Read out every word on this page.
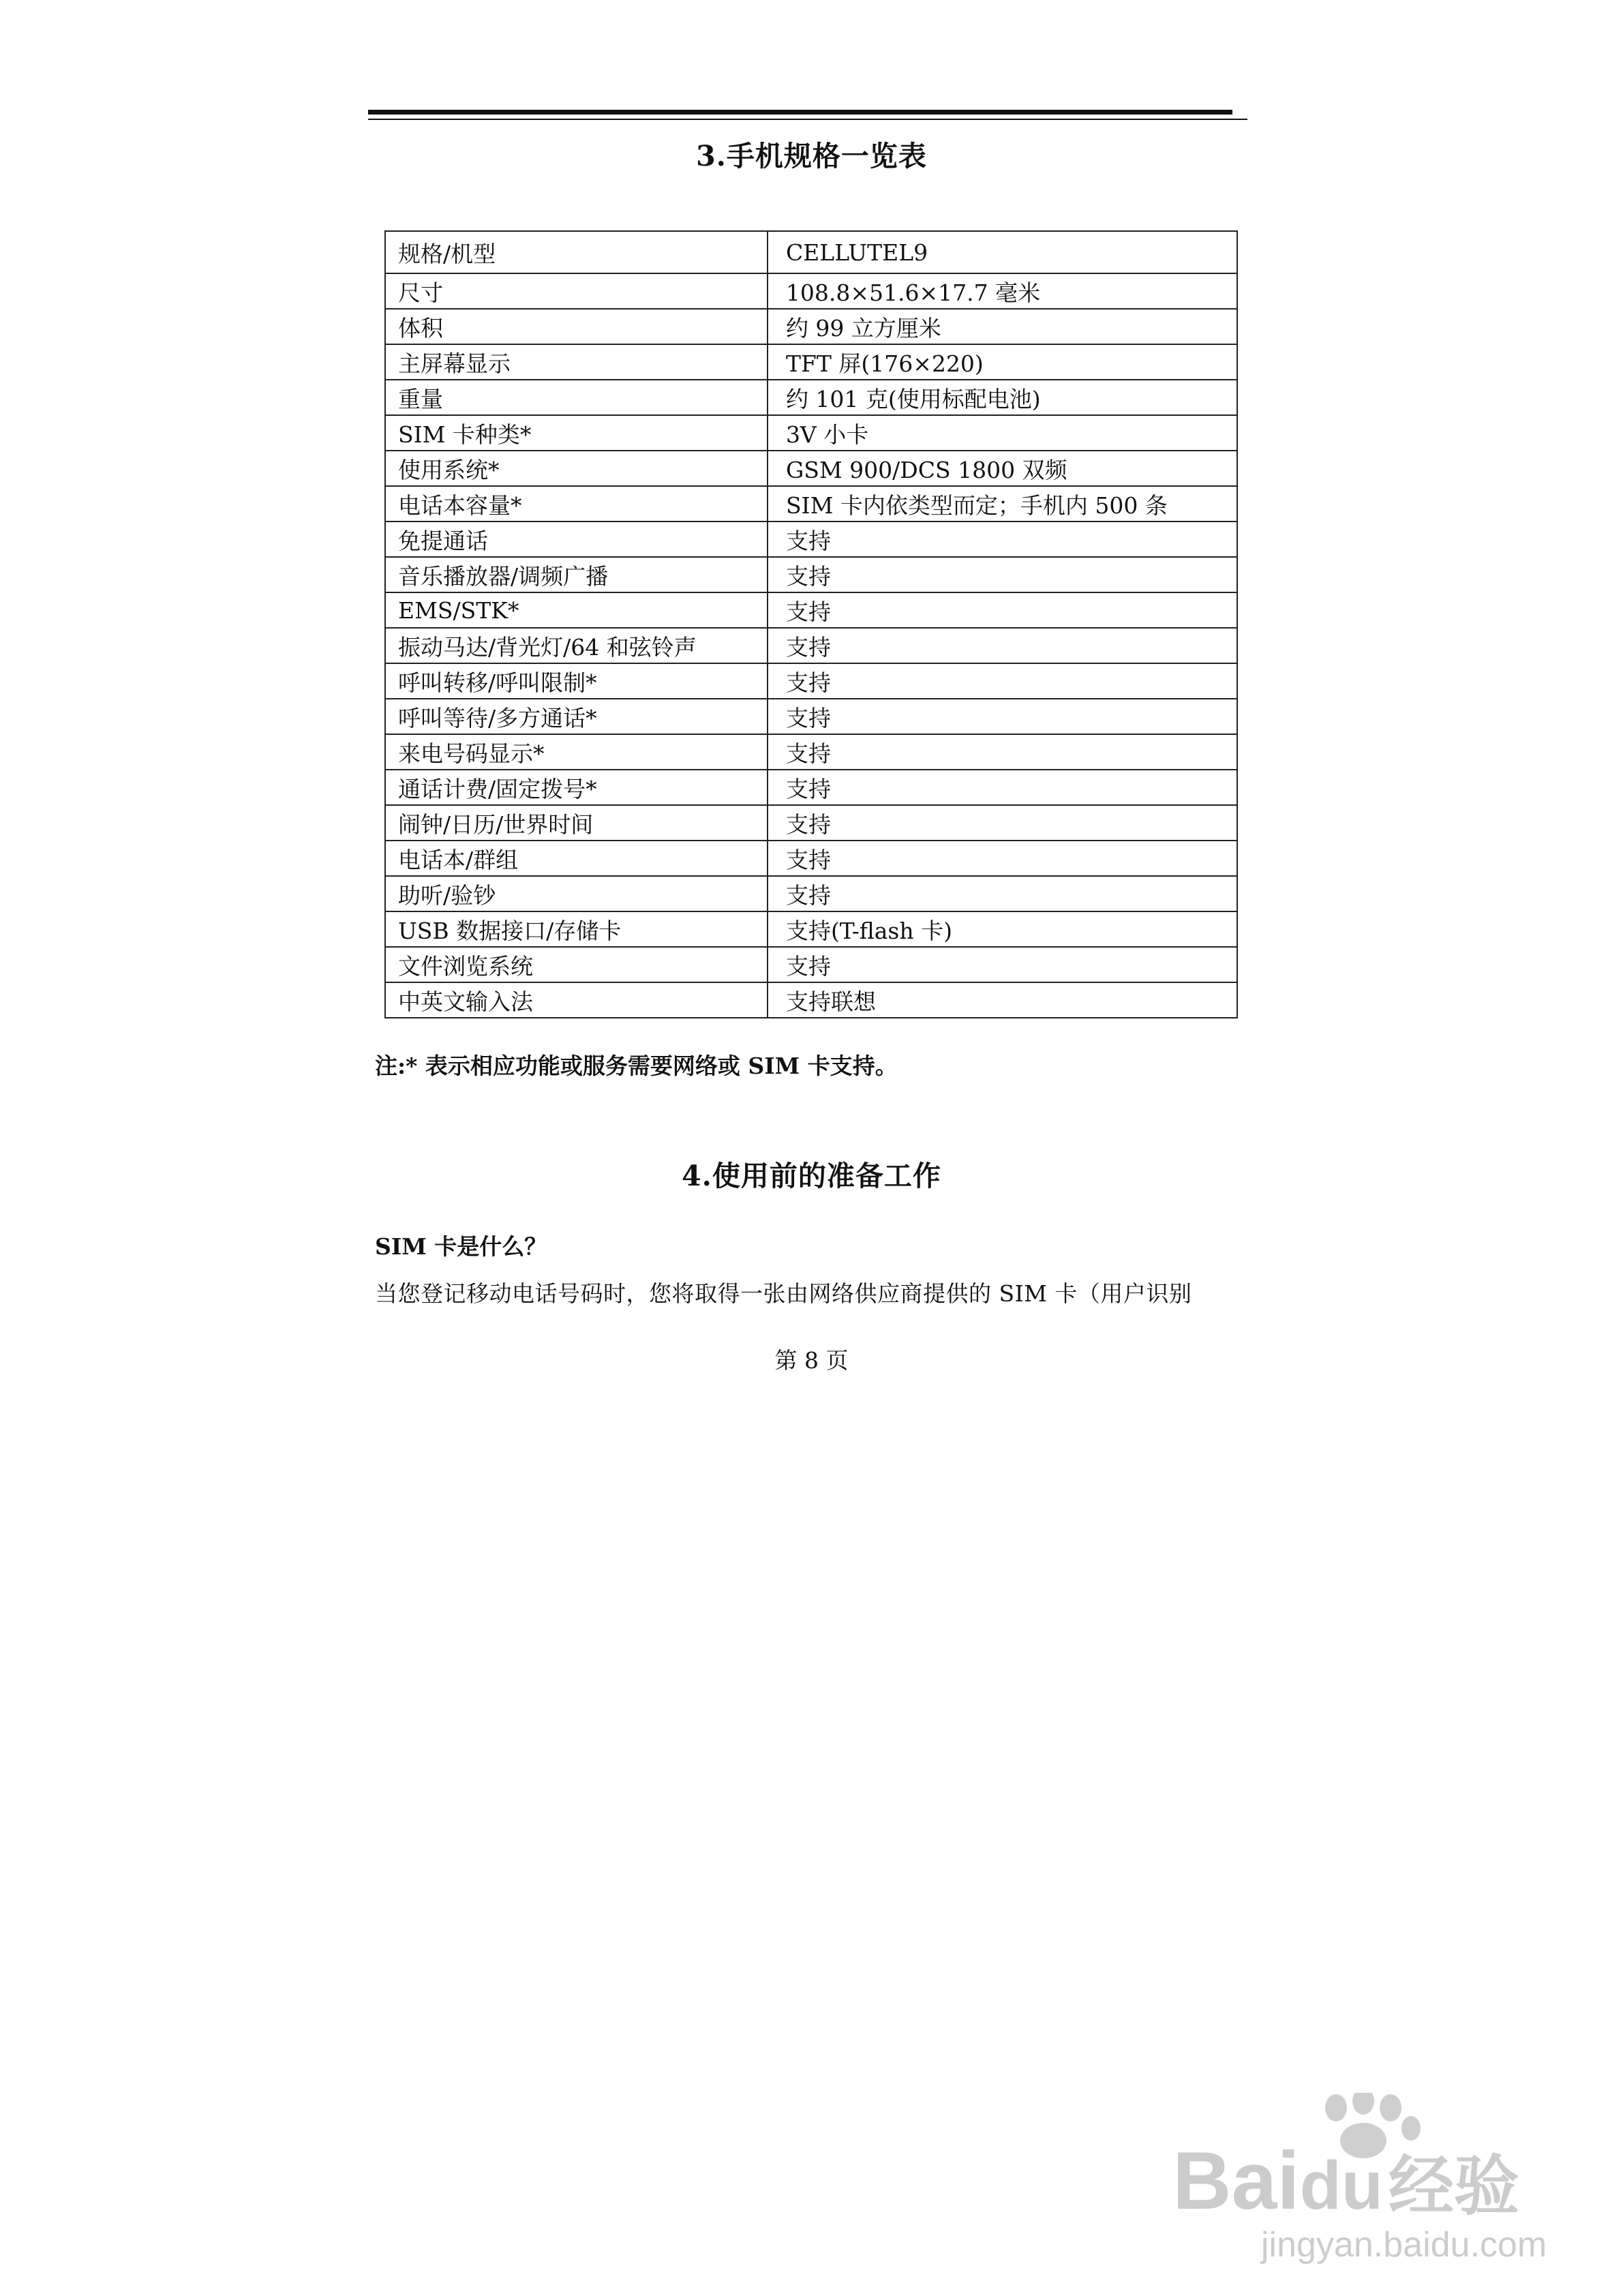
3.手机规格一览表
规格/机型	CELLUTEL9
尺寸	108.8×51.6×17.7 毫米
体积	约 99 立方厘米
主屏幕显示	TFT 屏(176×220)
重量	约 101 克(使用标配电池)
SIM 卡种类*	3V 小卡
使用系统*	GSM 900/DCS 1800 双频
电话本容量*	SIM 卡内依类型而定；手机内 500 条
免提通话	支持
音乐播放器/调频广播	支持
EMS/STK*	支持
振动马达/背光灯/64 和弦铃声	支持
呼叫转移/呼叫限制*	支持
呼叫等待/多方通话*	支持
来电号码显示*	支持
通话计费/固定拨号*	支持
闹钟/日历/世界时间	支持
电话本/群组	支持
助听/验钞	支持
USB 数据接口/存储卡	支持(T-flash 卡)
文件浏览系统	支持
中英文输入法	支持联想
注:* 表示相应功能或服务需要网络或 SIM 卡支持。
4.使用前的准备工作
SIM 卡是什么？
当您登记移动电话号码时，您将取得一张由网络供应商提供的 SIM 卡（用户识别
第 8 页
Baidu经验
jingyan.baidu.com
